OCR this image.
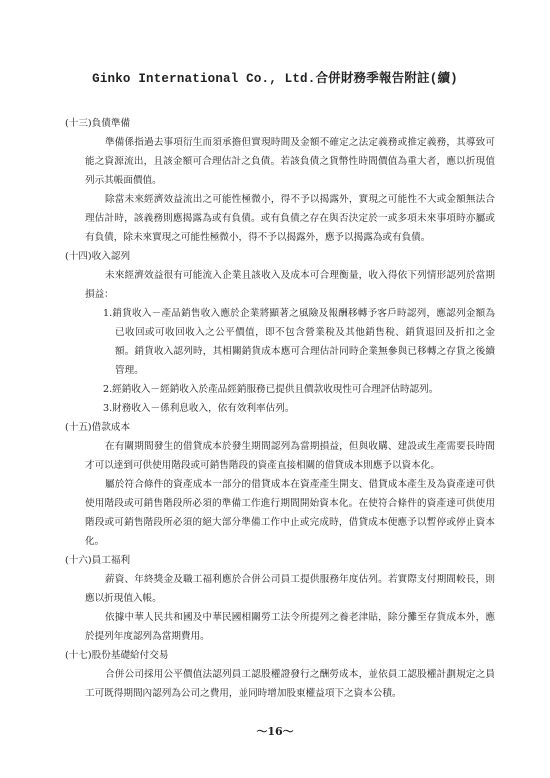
Ginko International Co., Ltd.合併財務季報告附註(續)

(十三)負債準備

準備係指過去事項衍生而須承擔但實現時間及金額不確定之法定義務或推定義務，其導致可能之資源流出，且該金額可合理估計之負債。若該負債之貨幣性時間價值為重大者，應以折現值列示其帳面價值。

除當未來經濟效益流出之可能性極微小，得不予以揭露外，實現之可能性不大或金額無法合理估計時，該義務則應揭露為或有負債。或有負債之存在與否決定於一或多項未來事項時亦屬或有負債，除未來實現之可能性極微小，得不予以揭露外，應予以揭露為或有負債。

(十四)收入認列

未來經濟效益很有可能流入企業且該收入及成本可合理衡量，收入得依下列情形認列於當期損益：

1.銷貨收入－產品銷售收入應於企業將顯著之風險及報酬移轉予客戶時認列，應認列金額為已收回或可收回收入之公平價值，即不包含營業稅及其他銷售稅、銷貨退回及折扣之金額。銷貨收入認列時，其相關銷貨成本應可合理估計同時企業無參與已移轉之存貨之後續管理。

2.經銷收入－經銷收入於產品經銷服務已提供且價款收現性可合理評估時認列。

3.財務收入－係利息收入，依有效利率估列。

(十五)借款成本

在有關期間發生的借貸成本於發生期間認列為當期損益，但與收購、建設或生產需要長時間才可以達到可供使用階段或可銷售階段的資產直接相關的借貸成本則應予以資本化。

屬於符合條件的資產成本一部分的借貸成本在資產產生開支、借貸成本產生及為資產達可供使用階段或可銷售階段所必須的準備工作進行期間開始資本化。在使符合條件的資產達可供使用階段或可銷售階段所必須的絕大部分準備工作中止或完成時，借貸成本便應予以暫停或停止資本化。

(十六)員工福利

薪資、年終獎金及職工福利應於合併公司員工提供服務年度估列。若實際支付期間較長，則應以折現值入帳。

依據中華人民共和國及中華民國相關勞工法令所提列之養老津貼，除分攤至存貨成本外，應於提列年度認列為當期費用。

(十七)股份基礎給付交易

合併公司採用公平價值法認列員工認股權證發行之酬勞成本，並依員工認股權計劃規定之員工可既得期間內認列為公司之費用，並同時增加股東權益項下之資本公積。

～16～
